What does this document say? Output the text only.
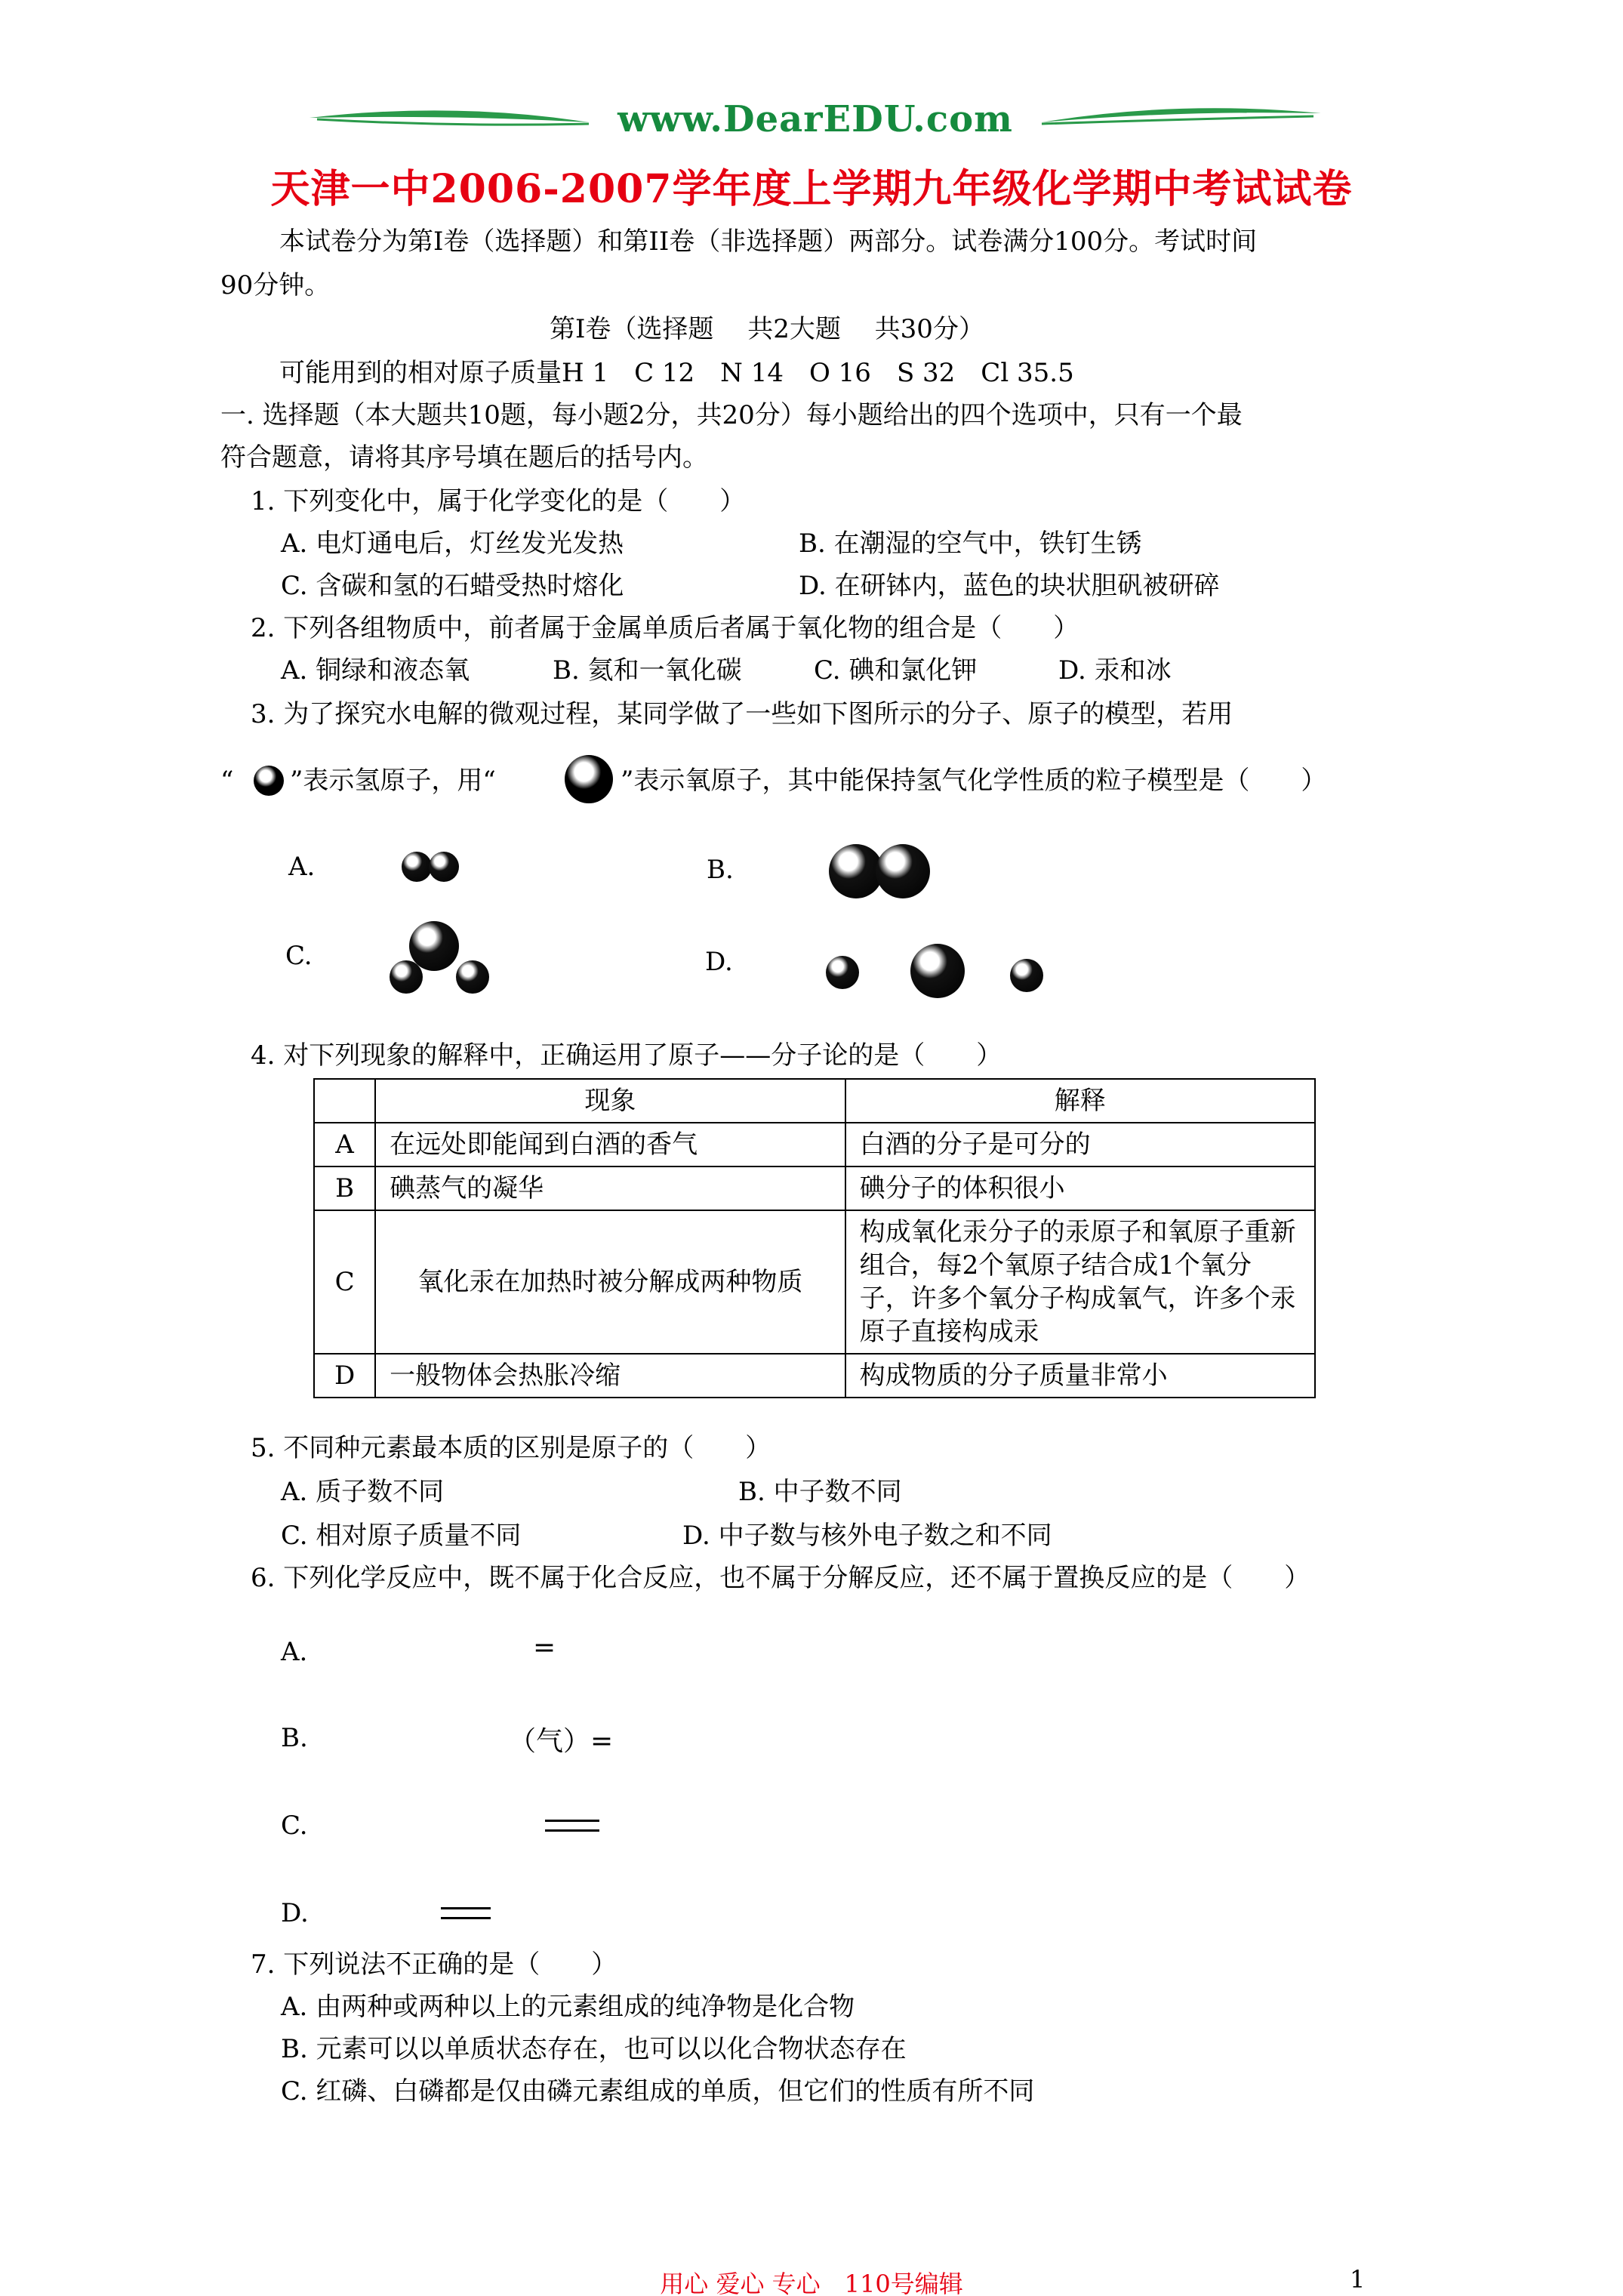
www.DearEDU.com
天津一中2006-2007学年度上学期九年级化学期中考试试卷
本试卷分为第I卷（选择题）和第II卷（非选择题）两部分。试卷满分100分。考试时间
90分钟。
第I卷（选择题　 共2大题　 共30分）
可能用到的相对原子质量H 1　C 12　N 14　O 16　S 32　Cl 35.5
一. 选择题（本大题共10题，每小题2分，共20分）每小题给出的四个选项中，只有一个最
符合题意，请将其序号填在题后的括号内。
1. 下列变化中，属于化学变化的是（　　）
A. 电灯通电后，灯丝发光发热	B. 在潮湿的空气中，铁钉生锈
C. 含碳和氢的石蜡受热时熔化	D. 在研钵内，蓝色的块状胆矾被研碎
2. 下列各组物质中，前者属于金属单质后者属于氧化物的组合是（　　）
A. 铜绿和液态氧	B. 氦和一氧化碳	C. 碘和氯化钾	D. 汞和冰
3. 为了探究水电解的微观过程，某同学做了一些如下图所示的分子、原子的模型，若用
“ ”表示氢原子，用“	”表示氧原子，其中能保持氢气化学性质的粒子模型是（　　）
A.	B.
C.	D.
4. 对下列现象的解释中，正确运用了原子——分子论的是（　　）
	现象	解释
A	在远处即能闻到白酒的香气	白酒的分子是可分的
B	碘蒸气的凝华	碘分子的体积很小
C	氧化汞在加热时被分解成两种物质	构成氧化汞分子的汞原子和氧原子重新组合，每2个氧原子结合成1个氧分子，许多个氧分子构成氧气，许多个汞原子直接构成汞
D	一般物体会热胀冷缩	构成物质的分子质量非常小
5. 不同种元素最本质的区别是原子的（　　）
A. 质子数不同	B. 中子数不同
C. 相对原子质量不同	D. 中子数与核外电子数之和不同
6. 下列化学反应中，既不属于化合反应，也不属于分解反应，还不属于置换反应的是（　　）
A.	=
B.	（气）=
C.
D.
7. 下列说法不正确的是（　　）
A. 由两种或两种以上的元素组成的纯净物是化合物
B. 元素可以以单质状态存在，也可以以化合物状态存在
C. 红磷、白磷都是仅由磷元素组成的单质，但它们的性质有所不同
用心 爱心 专心　110号编辑	1
